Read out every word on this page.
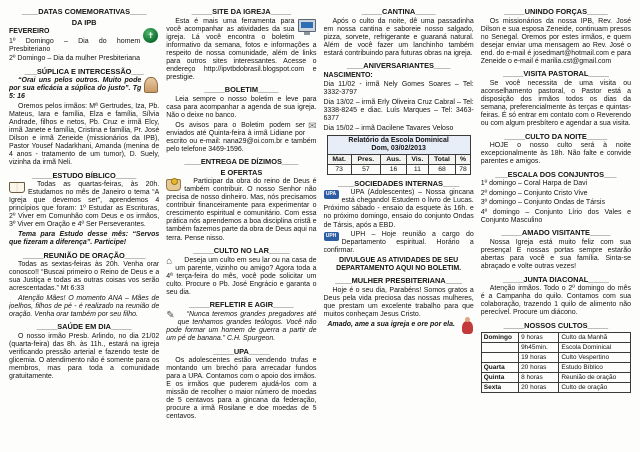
____DATAS COMEMORATIVAS____
DA IPB
✝

FEVEREIRO

1º Domingo – Dia do homem Presbiteriano

2º Domingo – Dia da mulher Presbiteriana

___SÚPLICA E INTERCESSÃO___

“Orai uns pelos outros. Muito pode por sua eficácia a súplica do justo”. Tg 5: 16

Oremos pelos irmãos: Mª Gertrudes, Iza, Pb. Mateus, Iara e família, Elza e família, Sílvia Andrade, filhos e netos, Pb. Cruz e irmã Elcy, irmã Janete e família, Cristina e família, Pr. José Dilson e irmã Zeneide (missionários da IPB), Pastor Yousef Nadarkhani, Amanda (menina de 4 anos - tratamento de um tumor), D. Suely, vizinha da irmã Neli.

_____ESTUDO BÍBLICO_____

Todas as quartas-feiras, às 20h. Estudamos no mês de Janeiro o tema “A Igreja que devemos ser”, aprendemos 4 princípios que foram: 1º Estudar as Escrituras, 2º Viver em Comunhão com Deus e os irmãos, 3º Viver em Oração e 4º Ser Perseverantes.

Tema para Estudo desse mês: “Servos que fizeram a diferença”. Participe!

_____REUNIÃO DE ORAÇÃO_____

Todas as sextas-feiras às 20h. Venha orar conosco!! “Buscai primeiro o Reino de Deus e a sua Justiça e todas as outras coisas vos serão acrescentadas.” Mt 6:33

Atenção Mães! O momento ANA – Mães de joelhos, filhos de pé - é realizado na reunião de oração. Venha orar também por seu filho.

_____SAÚDE EM DIA_____

O nosso irmão Presb. Arlindo, no dia 21/02 (quarta-feira) das 8h. às 11h., estará na igreja verificando pressão arterial e fazendo teste de glicemia. O atendimento não é somente para os membros, mas para toda a comunidade gratuitamente.

_____SITE DA IGREJA_____

Esta é mais uma ferramenta para você acompanhar as atividades da sua igreja. Lá você encontra o boletim informativo da semana, fotos e informações a respeito de nossa comunidade, além de links para outros sites interessantes. Acesse o endereço http://ipvtbdobrasil.blogspot.com e prestigie.

_____BOLETIM_____

Leia sempre o nosso boletim e leve para casa para acompanhar a agenda de sua igreja. Não o deixe no banco.

✉

Os avisos para o Boletim podem ser enviados até Quinta-feira à irmã Lidiane por escrito ou e-mail: nana29@oi.com.br e também pelo telefone 3469-1596.

____ENTREGA DE DÍZIMOS____
E OFERTAS

Participar da obra do reino de Deus é também contribuir. O nosso Senhor não precisa de nosso dinheiro. Mas, nós precisamos contribuir financeiramente para experimentar o crescimento espiritual e comunitário. Com essa prática nós aprendemos a boa disciplina cristã e também fazemos parte da obra de Deus aqui na terra. Pense nisso.

_____CULTO NO LAR_____
⌂	Deseja um culto em seu lar ou na casa de um parente, vizinho ou amigo? Agora toda a 4ª terça-feira do mês, você pode solicitar um culto. Procure o Pb. José Engrácio e garanta o seu dia.

_____REFLETIR E AGIR_____
✎	“Nunca teremos grandes pregadores até que tenhamos grandes teólogos. Você não pode formar um homem de guerra a partir de um pé de banana.” C.H. Spurgeon.

_____UPA_____

Os adolescentes estão vendendo trufas e montando um brechó para arrecadar fundos para a UPA. Contamos com o apoio dos irmãos. E os irmãos que puderem ajudá-los com a missão de recolher o maior número de moedas de 5 centavos para a gincana da federação, procure a irmã Rosilane e doe moedas de 5 centavos.

_____CANTINA_____

Após o culto da noite, dê uma passadinha em nossa cantina e saboreie nosso salgado, pizza, sorvete, refrigerante e guaraná natural. Além de você fazer um lanchinho também estará contribuindo para futuras obras na igreja.

____ANIVERSARIANTES____

NASCIMENTO:

Dia 11/02 - irmã Nely Gomes Soares – Tel: 3332-3797

Dia 13/02 – irmã Erly Oliveira Cruz Cabral – Tel: 3338-8245 e diac. Luís Marques – Tel: 3463-6377

Dia 15/02 – irmã Dacilene Tavares Veloso

Relatório da Escola Dominical
Dom, 03/02/2013					
Mat.	Pres.	Aus.	Vis.	Total	%
73	57	16	11	68	78
____SOCIEDADES INTERNAS____
UPA	UPA (Adolescentes) – Nossa gincana está chegando! Estudem o livro de Lucas. Próximo sábado - ensaio da esquete às 16h. e no próximo domingo, ensaio do conjunto Ondas de Társis, após a EBD.

UPH	UPH – Hoje reunião a cargo do Departamento espiritual. Horário a confirmar.

DIVULGUE AS ATIVIDADES DE SEU DEPARTAMENTO AQUI NO BOLETIM.

____MULHER PRESBITERIANA____

Hoje é o seu dia, Parabéns! Somos gratos a Deus pela vida preciosa das nossas mulheres, que prestam um excelente trabalho para que muitos conheçam Jesus Cristo.

Amado, ame a sua igreja e ore por ela.

_____UNINDO FORÇAS_____

Os missionários da nossa IPB, Rev. José Dilson e sua esposa Zeneide, continuam presos no Senegal. Oremos por estes irmãos, e quem desejar enviar uma mensagem ao Rev. José o end. do e-mail é josedmart@hotmail.com e para Zeneide o e-mail é marilia.cst@gmail.com

_____VISITA PASTORAL_____

Se você necessita de uma visita ou aconselhamento pastoral, o Pastor está a disposição dos irmãos todos os dias da semana, preferencialmente às terças e quintas-feiras. É só entrar em contato com o Reverendo ou com algum presbítero e agendar a sua visita.

_____CULTO DA NOITE_____

HOJE o nosso culto será à noite excepcionalmente às 18h. Não falte e convide parentes e amigos.

___ESCALA DOS CONJUNTOS___

1º domingo – Coral Harpa de Davi

2º domingo – Conjunto Cristo Vive

3º domingo – Conjunto Ondas de Társis

4º domingo – Conjunto Lírio dos Vales e Conjunto Masculino

_____AMADO VISITANTE_____

Nossa Igreja está muito feliz com sua presença! E nossas portas sempre estarão abertas para você e sua família. Sinta-se abraçado e volte outras vezes!

_____JUNTA DIACONAL_____

Atenção irmãos. Todo o 2º domingo do mês é a Campanha do quilo. Contamos com sua colaboração, trazendo 1 quilo de alimento não perecível. Procure um diácono.

_____NOSSOS CULTOS_____
Domingo	9 horas	Culto da Manhã
	9h45min.	Escola Dominical
	19 horas	Culto Vespertino
Quarta	20 horas	Estudo Bíblico
Quinta	8 horas	Reunião de oração
Sexta	20 horas	Culto de oração
